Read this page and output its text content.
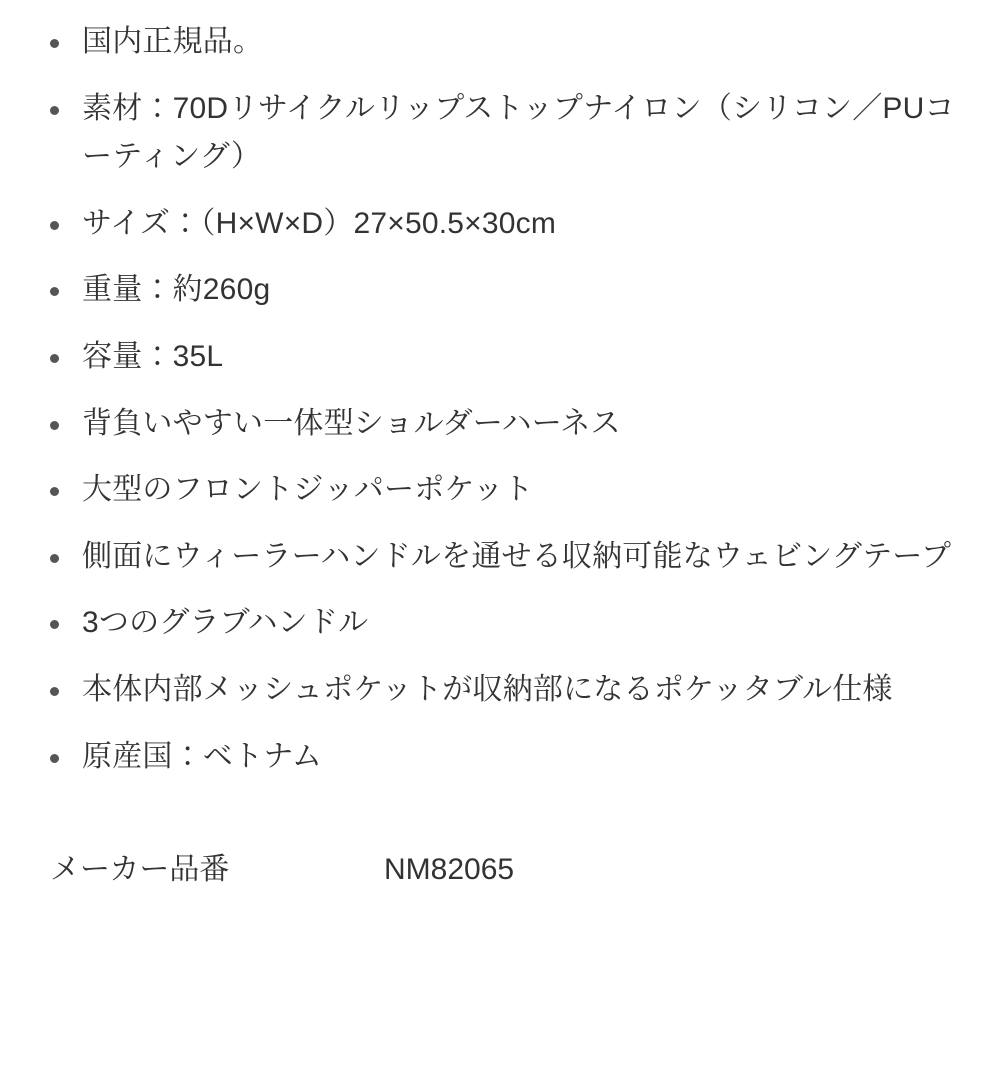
国内正規品。
素材：70Dリサイクルリップストップナイロン（シリコン／PUコーティング）
サイズ：（H×W×D）27×50.5×30cm
重量：約260g
容量：35L
背負いやすい一体型ショルダーハーネス
大型のフロントジッパーポケット
側面にウィーラーハンドルを通せる収納可能なウェビングテープ
3つのグラブハンドル
本体内部メッシュポケットが収納部になるポケッタブル仕様
原産国：ベトナム
メーカー品番	NM82065
